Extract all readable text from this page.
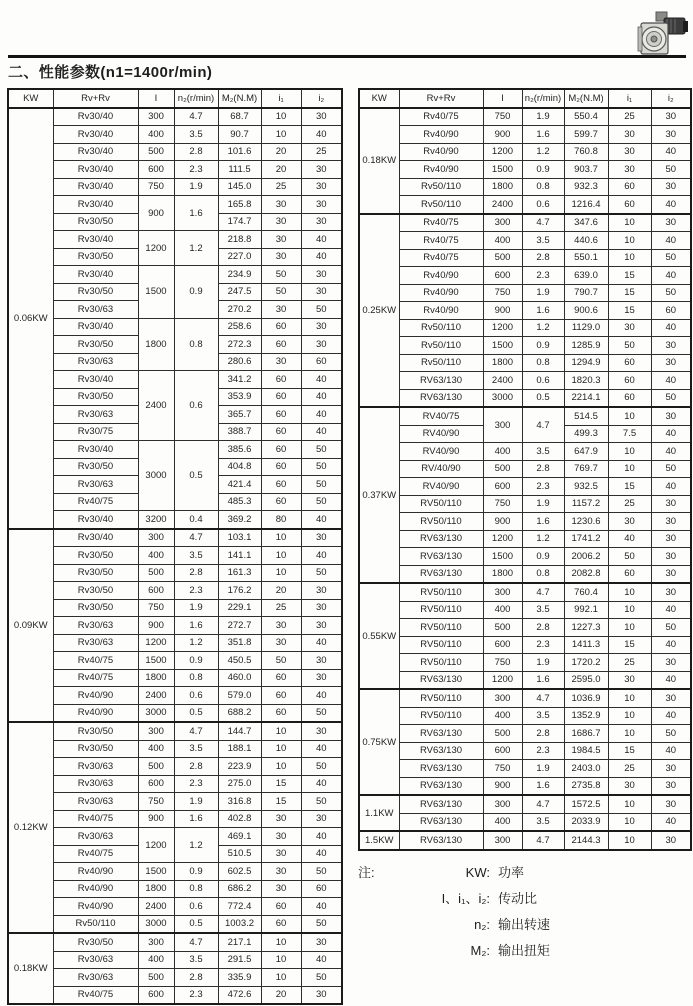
二、性能参数(n1=1400r/min)
KW	Rv+Rv	I	n₂(r/min)	M₂(N.M)	i₁	i₂
0.06KW	Rv30/40	300	4.7	68.7	10	30
	Rv30/40	400	3.5	90.7	10	40
	Rv30/40	500	2.8	101.6	20	25
	Rv30/40	600	2.3	111.5	20	30
	Rv30/40	750	1.9	145.0	25	30
	Rv30/40	900	1.6	165.8	30	30
	Rv30/50			174.7	30	30
	Rv30/40	1200	1.2	218.8	30	40
	Rv30/50			227.0	30	40
	Rv30/40	1500	0.9	234.9	50	30
	Rv30/50			247.5	50	30
	Rv30/63			270.2	30	50
	Rv30/40	1800	0.8	258.6	60	30
	Rv30/50			272.3	60	30
	Rv30/63			280.6	30	60
	Rv30/40	2400	0.6	341.2	60	40
	Rv30/50			353.9	60	40
	Rv30/63			365.7	60	40
	Rv30/75			388.7	60	40
	Rv30/40	3000	0.5	385.6	60	50
	Rv30/50			404.8	60	50
	Rv30/63			421.4	60	50
	Rv40/75			485.3	60	50
	Rv30/40	3200	0.4	369.2	80	40
0.09KW	Rv30/40	300	4.7	103.1	10	30
	Rv30/50	400	3.5	141.1	10	40
	Rv30/50	500	2.8	161.3	10	50
	Rv30/50	600	2.3	176.2	20	30
	Rv30/50	750	1.9	229.1	25	30
	Rv30/63	900	1.6	272.7	30	30
	Rv30/63	1200	1.2	351.8	30	40
	Rv40/75	1500	0.9	450.5	50	30
	Rv40/75	1800	0.8	460.0	60	30
	Rv40/90	2400	0.6	579.0	60	40
	Rv40/90	3000	0.5	688.2	60	50
0.12KW	Rv30/50	300	4.7	144.7	10	30
	Rv30/50	400	3.5	188.1	10	40
	Rv30/63	500	2.8	223.9	10	50
	Rv30/63	600	2.3	275.0	15	40
	Rv30/63	750	1.9	316.8	15	50
	Rv40/75	900	1.6	402.8	30	30
	Rv30/63	1200	1.2	469.1	30	40
	Rv40/75			510.5	30	40
	Rv40/90	1500	0.9	602.5	30	50
	Rv40/90	1800	0.8	686.2	30	60
	Rv40/90	2400	0.6	772.4	60	40
	Rv50/110	3000	0.5	1003.2	60	50
0.18KW	Rv30/50	300	4.7	217.1	10	30
	Rv30/63	400	3.5	291.5	10	40
	Rv30/63	500	2.8	335.9	10	50
	Rv40/75	600	2.3	472.6	20	30
KW	Rv+Rv	I	n₂(r/min)	M₂(N.M)	i₁	i₂
0.18KW	Rv40/75	750	1.9	550.4	25	30
	Rv40/90	900	1.6	599.7	30	30
	Rv40/90	1200	1.2	760.8	30	40
	Rv40/90	1500	0.9	903.7	30	50
	Rv50/110	1800	0.8	932.3	60	30
	Rv50/110	2400	0.6	1216.4	60	40
0.25KW	Rv40/75	300	4.7	347.6	10	30
	Rv40/75	400	3.5	440.6	10	40
	Rv40/75	500	2.8	550.1	10	50
	Rv40/90	600	2.3	639.0	15	40
	Rv40/90	750	1.9	790.7	15	50
	Rv40/90	900	1.6	900.6	15	60
	Rv50/110	1200	1.2	1129.0	30	40
	Rv50/110	1500	0.9	1285.9	50	30
	Rv50/110	1800	0.8	1294.9	60	30
	RV63/130	2400	0.6	1820.3	60	40
	RV63/130	3000	0.5	2214.1	60	50
0.37KW	RV40/75	300	4.7	514.5	10	30
	RV40/90			499.3	7.5	40
	RV40/90	400	3.5	647.9	10	40
	RV/40/90	500	2.8	769.7	10	50
	RV40/90	600	2.3	932.5	15	40
	RV50/110	750	1.9	1157.2	25	30
	RV50/110	900	1.6	1230.6	30	30
	RV63/130	1200	1.2	1741.2	40	30
	RV63/130	1500	0.9	2006.2	50	30
	RV63/130	1800	0.8	2082.8	60	30
0.55KW	RV50/110	300	4.7	760.4	10	30
	RV50/110	400	3.5	992.1	10	40
	RV50/110	500	2.8	1227.3	10	50
	RV50/110	600	2.3	1411.3	15	40
	RV50/110	750	1.9	1720.2	25	30
	RV63/130	1200	1.6	2595.0	30	40
0.75KW	RV50/110	300	4.7	1036.9	10	30
	RV50/110	400	3.5	1352.9	10	40
	RV63/130	500	2.8	1686.7	10	50
	RV63/130	600	2.3	1984.5	15	40
	RV63/130	750	1.9	2403.0	25	30
	RV63/130	900	1.6	2735.8	30	30
1.1KW	RV63/130	300	4.7	1572.5	10	30
	RV63/130	400	3.5	2033.9	10	40
1.5KW	RV63/130	300	4.7	2144.3	10	30
注:	KW: 功率
I、i₁、i₂: 传动比
n₂: 输出转速
M₂: 输出扭矩
